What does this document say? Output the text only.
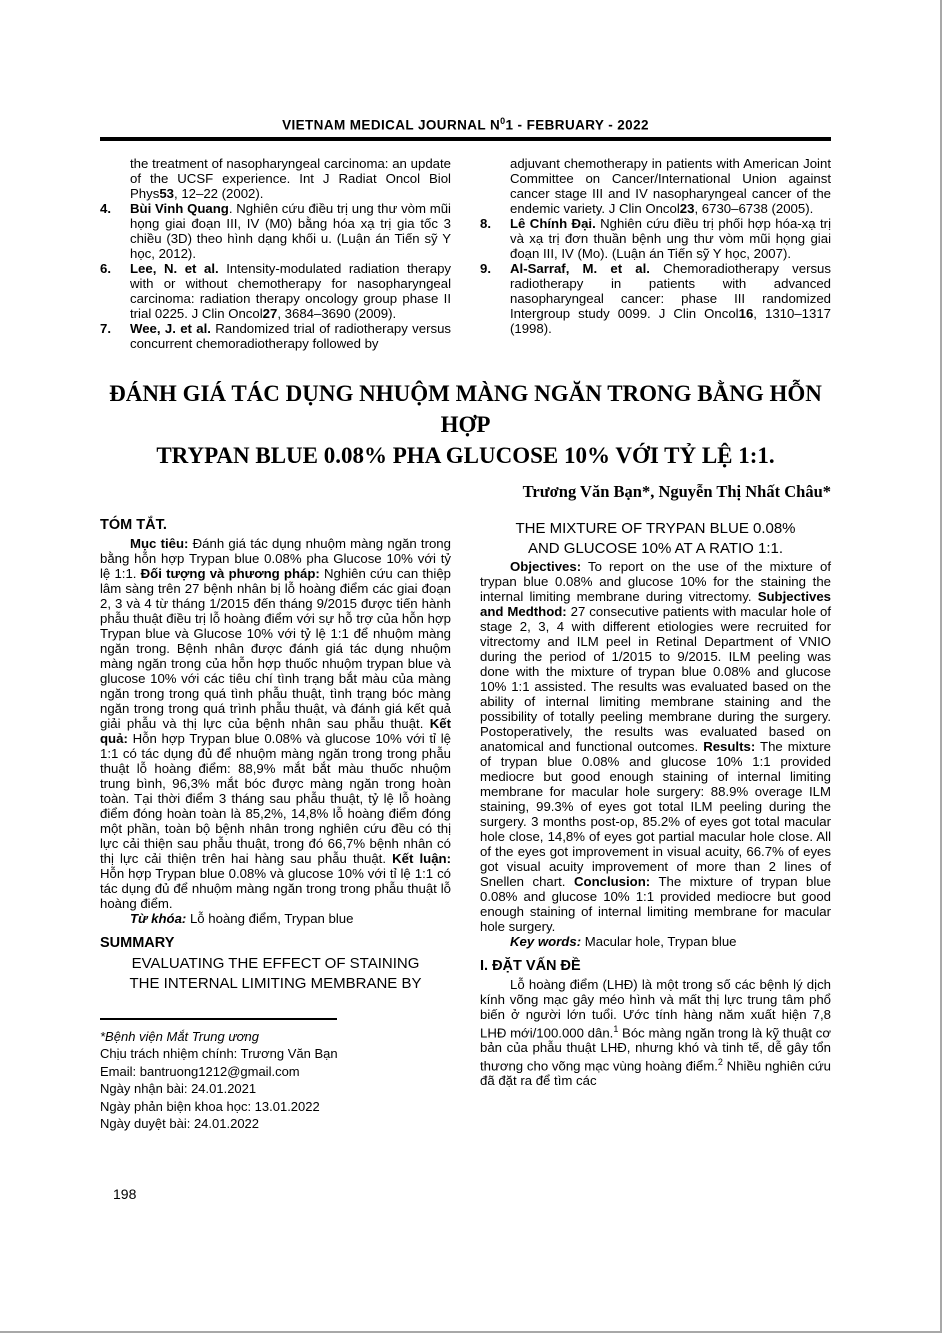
VIETNAM MEDICAL JOURNAL $N^01$ - FEBRUARY - 2022
the treatment of nasopharyngeal carcinoma: an update of the UCSF experience. Int J Radiat Oncol Biol Phys53, 12–22 (2002).
4. Bùi Vinh Quang. Nghiên cứu điều trị ung thư vòm mũi họng giai đoạn III, IV (M0) bằng hóa xạ trị gia tốc 3 chiều (3D) theo hình dạng khối u. (Luận án Tiến sỹ Y học, 2012).
6. Lee, N. et al. Intensity-modulated radiation therapy with or without chemotherapy for nasopharyngeal carcinoma: radiation therapy oncology group phase II trial 0225. J Clin Oncol27, 3684–3690 (2009).
7. Wee, J. et al. Randomized trial of radiotherapy versus concurrent chemoradiotherapy followed by
adjuvant chemotherapy in patients with American Joint Committee on Cancer/International Union against cancer stage III and IV nasopharyngeal cancer of the endemic variety. J Clin Oncol23, 6730–6738 (2005).
8. Lê Chính Đại. Nghiên cứu điều trị phối hợp hóa-xạ trị và xạ trị đơn thuần bệnh ung thư vòm mũi họng giai đoạn III, IV (Mo). (Luận án Tiến sỹ Y học, 2007).
9. Al-Sarraf, M. et al. Chemoradiotherapy versus radiotherapy in patients with advanced nasopharyngeal cancer: phase III randomized Intergroup study 0099. J Clin Oncol16, 1310–1317 (1998).
ĐÁNH GIÁ TÁC DỤNG NHUỘM MÀNG NGĂN TRONG BẰNG HỖN HỢP
TRYPAN BLUE 0.08% PHA GLUCOSE 10% VỚI TỶ LỆ 1:1.
Trương Văn Bạn*, Nguyễn Thị Nhất Châu*
TÓM TẮT.

Mục tiêu: Đánh giá tác dụng nhuộm màng ngăn trong bằng hỗn hợp Trypan blue 0.08% pha Glucose 10% với tỷ lệ 1:1. Đối tượng và phương pháp: Nghiên cứu can thiệp lâm sàng trên 27 bệnh nhân bị lỗ hoàng điểm các giai đoạn 2, 3 và 4 từ tháng 1/2015 đến tháng 9/2015 được tiến hành phẫu thuật điều trị lỗ hoàng điểm với sự hỗ trợ của hỗn hợp Trypan blue và Glucose 10% với tỷ lệ 1:1 để nhuộm màng ngăn trong. Bệnh nhân được đánh giá tác dụng nhuộm màng ngăn trong của hỗn hợp thuốc nhuộm trypan blue và glucose 10% với các tiêu chí tình trạng bắt màu của màng ngăn trong trong quá tình phẫu thuật, tình trạng bóc màng ngăn trong trong quá trình phẫu thuật, và đánh giá kết quả giải phẫu và thị lực của bệnh nhân sau phẫu thuật. Kết quả: Hỗn hợp Trypan blue 0.08% và glucose 10% với tỉ lệ 1:1 có tác dụng đủ để nhuộm màng ngăn trong trong phẫu thuật lỗ hoàng điểm: 88,9% mắt bắt màu thuốc nhuộm trung bình, 96,3% mắt bóc được màng ngăn trong hoàn toàn. Tại thời điểm 3 tháng sau phẫu thuật, tỷ lệ lỗ hoàng điểm đóng hoàn toàn là 85,2%, 14,8% lỗ hoàng điểm đóng một phần, toàn bộ bệnh nhân trong nghiên cứu đều có thị lực cải thiện sau phẫu thuật, trong đó 66,7% bệnh nhân có thị lực cải thiện trên hai hàng sau phẫu thuật. Kết luận: Hỗn hợp Trypan blue 0.08% và glucose 10% với tỉ lệ 1:1 có tác dụng đủ để nhuộm màng ngăn trong trong phẫu thuật lỗ hoàng điểm.

Từ khóa: Lỗ hoàng điểm, Trypan blue

SUMMARY
EVALUATING THE EFFECT OF STAINING
THE INTERNAL LIMITING MEMBRANE BY
*Bệnh viện Mắt Trung ương
Chịu trách nhiệm chính: Trương Văn Bạn
Email: bantruong1212@gmail.com
Ngày nhận bài: 24.01.2021
Ngày phản biện khoa học: 13.01.2022
Ngày duyệt bài: 24.01.2022
THE MIXTURE OF TRYPAN BLUE 0.08%
AND GLUCOSE 10% AT A RATIO 1:1.

Objectives: To report on the use of the mixture of trypan blue 0.08% and glucose 10% for the staining the internal limiting membrane during vitrectomy. Subjectives and Medthod: 27 consecutive patients with macular hole of stage 2, 3, 4 with different etiologies were recruited for vitrectomy and ILM peel in Retinal Department of VNIO during the period of 1/2015 to 9/2015. ILM peeling was done with the mixture of trypan blue 0.08% and glucose 10% 1:1 assisted. The results was evaluated based on the ability of internal limiting membrane staining and the possibility of totally peeling membrane during the surgery. Postoperatively, the results was evaluated based on anatomical and functional outcomes. Results: The mixture of trypan blue 0.08% and glucose 10% 1:1 provided mediocre but good enough staining of internal limiting membrane for macular hole surgery: 88.9% overage ILM staining, 99.3% of eyes got total ILM peeling during the surgery. 3 months post-op, 85.2% of eyes got total macular hole close, 14,8% of eyes got partial macular hole close. All of the eyes got improvement in visual acuity, 66.7% of eyes got visual acuity improvement of more than 2 lines of Snellen chart. Conclusion: The mixture of trypan blue 0.08% and glucose 10% 1:1 provided mediocre but good enough staining of internal limiting membrane for macular hole surgery.

Key words: Macular hole, Trypan blue

I. ĐẶT VẤN ĐỀ

Lỗ hoàng điểm (LHĐ) là một trong số các bệnh lý dịch kính võng mạc gây méo hình và mất thị lực trung tâm phổ biến ở người lớn tuổi. Ước tính hàng năm xuất hiện 7,8 LHĐ mới/100.000 dân.$^1$ Bóc màng ngăn trong là kỹ thuật cơ bản của phẫu thuật LHĐ, nhưng khó và tinh tế, dễ gây tổn thương cho võng mạc vùng hoàng điểm.$^2$ Nhiều nghiên cứu đã đặt ra để tìm các

198
